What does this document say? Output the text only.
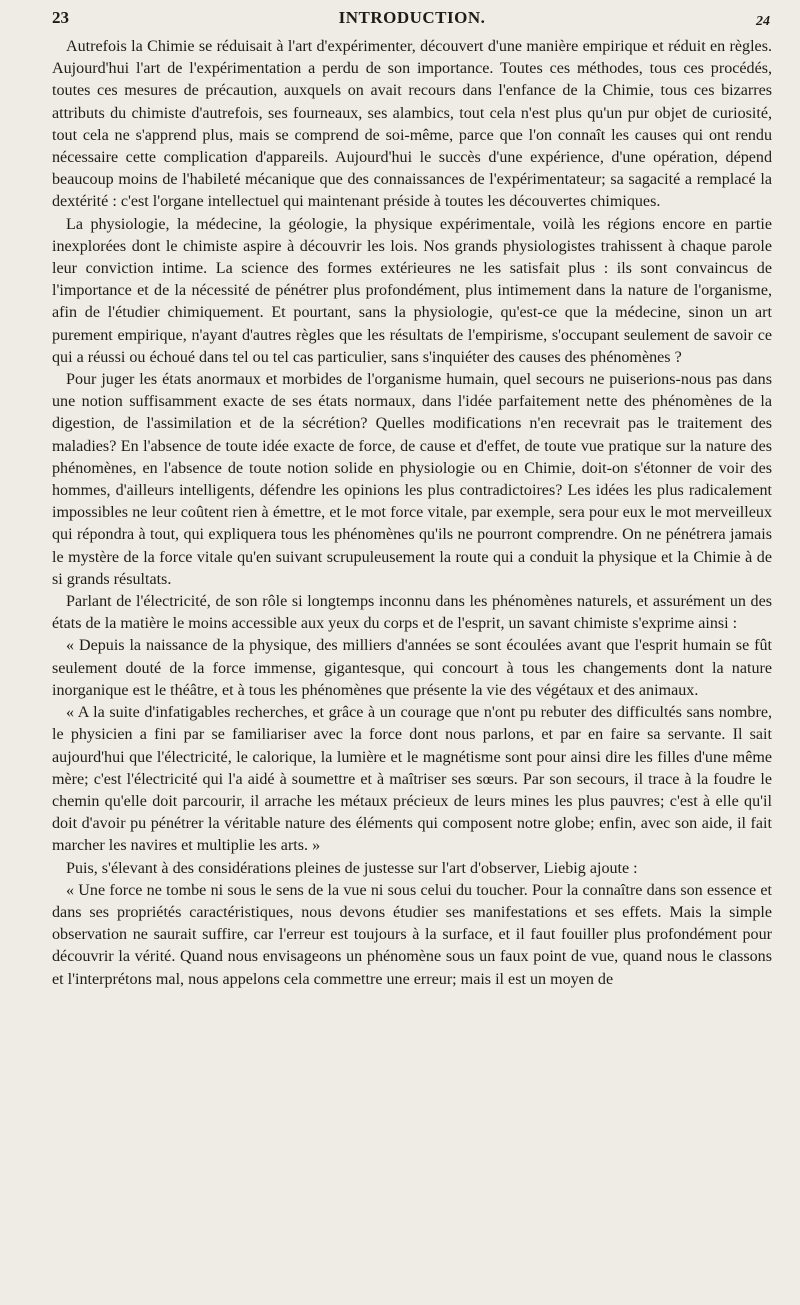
23	INTRODUCTION.	24

Autrefois la Chimie se réduisait à l'art d'expérimenter, découvert d'une manière empirique et réduit en règles. Aujourd'hui l'art de l'expérimentation a perdu de son importance. Toutes ces méthodes, tous ces procédés, toutes ces mesures de précaution, auxquels on avait recours dans l'enfance de la Chimie, tous ces bizarres attributs du chimiste d'autrefois, ses fourneaux, ses alambics, tout cela n'est plus qu'un pur objet de curiosité, tout cela ne s'apprend plus, mais se comprend de soi-même, parce que l'on connaît les causes qui ont rendu nécessaire cette complication d'appareils. Aujourd'hui le succès d'une expérience, d'une opération, dépend beaucoup moins de l'habileté mécanique que des connaissances de l'expérimentateur; sa sagacité a remplacé la dextérité : c'est l'organe intellectuel qui maintenant préside à toutes les découvertes chimiques.

La physiologie, la médecine, la géologie, la physique expérimentale, voilà les régions encore en partie inexplorées dont le chimiste aspire à découvrir les lois. Nos grands physiologistes trahissent à chaque parole leur conviction intime. La science des formes extérieures ne les satisfait plus : ils sont convaincus de l'importance et de la nécessité de pénétrer plus profondément, plus intimement dans la nature de l'organisme, afin de l'étudier chimiquement. Et pourtant, sans la physiologie, qu'est-ce que la médecine, sinon un art purement empirique, n'ayant d'autres règles que les résultats de l'empirisme, s'occupant seulement de savoir ce qui a réussi ou échoué dans tel ou tel cas particulier, sans s'inquiéter des causes des phénomènes ?

Pour juger les états anormaux et morbides de l'organisme humain, quel secours ne puiserions-nous pas dans une notion suffisamment exacte de ses états normaux, dans l'idée parfaitement nette des phénomènes de la digestion, de l'assimilation et de la sécrétion? Quelles modifications n'en recevrait pas le traitement des maladies? En l'absence de toute idée exacte de force, de cause et d'effet, de toute vue pratique sur la nature des phénomènes, en l'absence de toute notion solide en physiologie ou en Chimie, doit-on s'étonner de voir des hommes, d'ailleurs intelligents, défendre les opinions les plus contradictoires? Les idées les plus radicalement impossibles ne leur coûtent rien à émettre, et le mot force vitale, par exemple, sera pour eux le mot merveilleux qui répondra à tout, qui expliquera tous les phénomènes qu'ils ne pourront comprendre. On ne pénétrera jamais le mystère de la force vitale qu'en suivant scrupuleusement la route qui a conduit la physique et la Chimie à de si grands résultats.

Parlant de l'électricité, de son rôle si longtemps inconnu dans les phénomènes naturels, et assurément un des états de la matière le moins accessible aux yeux du corps et de l'esprit, un savant chimiste s'exprime ainsi :

« Depuis la naissance de la physique, des milliers d'années se sont écoulées avant que l'esprit humain se fût seulement douté de la force immense, gigantesque, qui concourt à tous les changements dont la nature inorganique est le théâtre, et à tous les phénomènes que présente la vie des végétaux et des animaux.

« A la suite d'infatigables recherches, et grâce à un courage que n'ont pu rebuter des difficultés sans nombre, le physicien a fini par se familiariser avec la force dont nous parlons, et par en faire sa servante. Il sait aujourd'hui que l'électricité, le calorique, la lumière et le magnétisme sont pour ainsi dire les filles d'une même mère; c'est l'électricité qui l'a aidé à soumettre et à maîtriser ses sœurs. Par son secours, il trace à la foudre le chemin qu'elle doit parcourir, il arrache les métaux précieux de leurs mines les plus pauvres; c'est à elle qu'il doit d'avoir pu pénétrer la véritable nature des éléments qui composent notre globe; enfin, avec son aide, il fait marcher les navires et multiplie les arts. »

Puis, s'élevant à des considérations pleines de justesse sur l'art d'observer, Liebig ajoute :

« Une force ne tombe ni sous le sens de la vue ni sous celui du toucher. Pour la connaître dans son essence et dans ses propriétés caractéristiques, nous devons étudier ses manifestations et ses effets. Mais la simple observation ne saurait suffire, car l'erreur est toujours à la surface, et il faut fouiller plus profondément pour découvrir la vérité. Quand nous envisageons un phénomène sous un faux point de vue, quand nous le classons et l'interprétons mal, nous appelons cela commettre une erreur; mais il est un moyen de
